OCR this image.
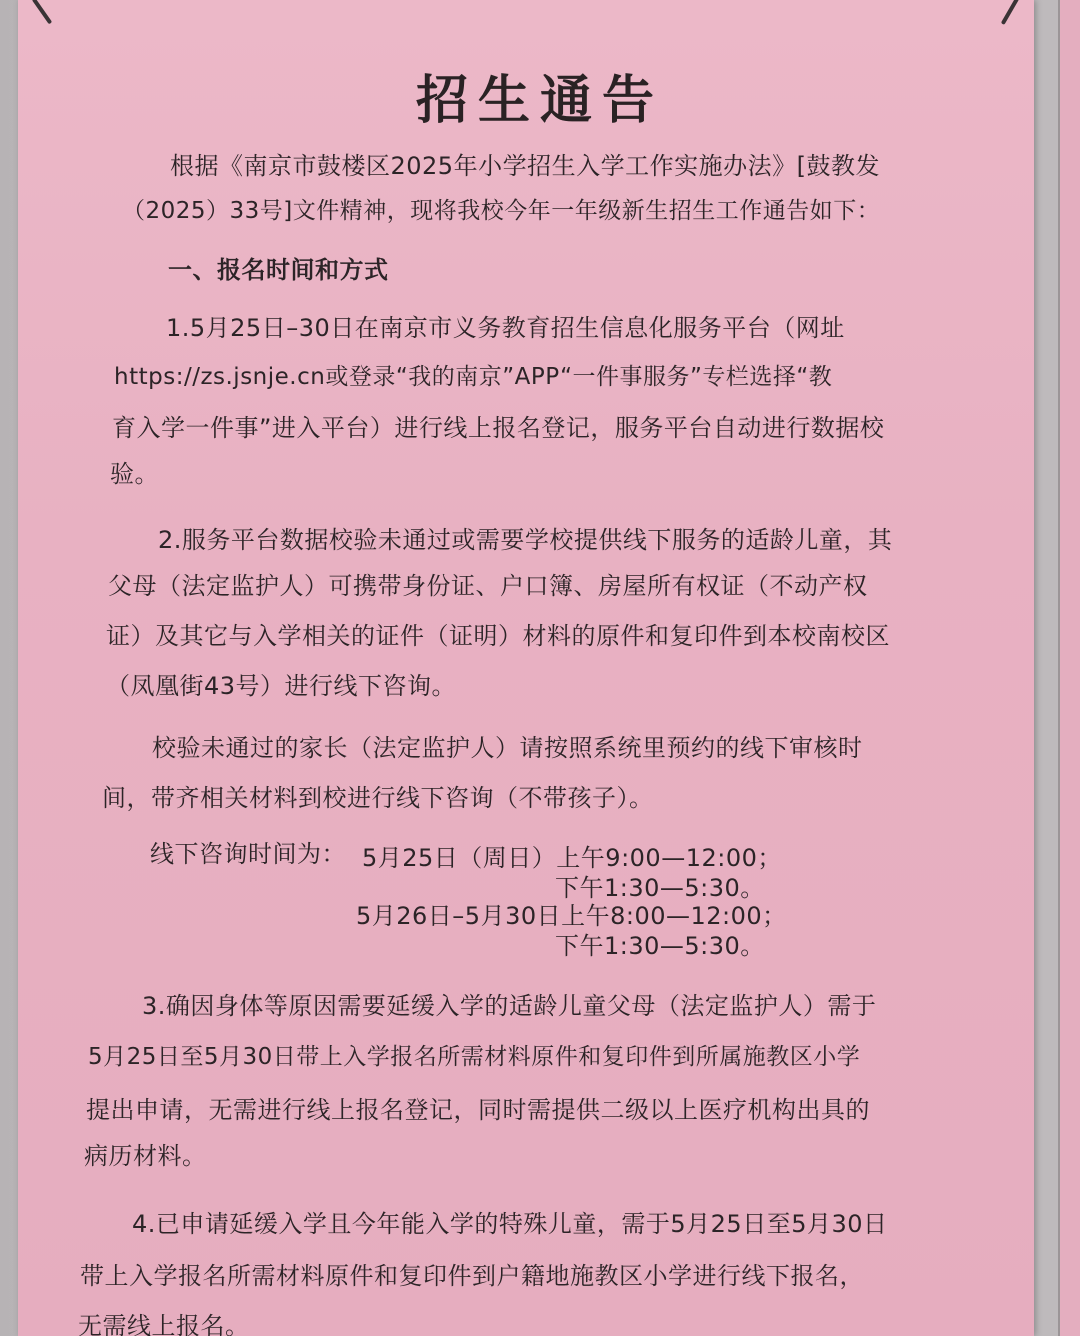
招生通告
根据《南京市鼓楼区2025年小学招生入学工作实施办法》[鼓教发
（2025）33号]文件精神，现将我校今年一年级新生招生工作通告如下：
一、报名时间和方式
1.5月25日–30日在南京市义务教育招生信息化服务平台（网址
https://zs.jsnje.cn或登录“我的南京”APP“一件事服务”专栏选择“教
育入学一件事”进入平台）进行线上报名登记，服务平台自动进行数据校
验。
2.服务平台数据校验未通过或需要学校提供线下服务的适龄儿童，其
父母（法定监护人）可携带身份证、户口簿、房屋所有权证（不动产权
证）及其它与入学相关的证件（证明）材料的原件和复印件到本校南校区
（凤凰街43号）进行线下咨询。
校验未通过的家长（法定监护人）请按照系统里预约的线下审核时
间，带齐相关材料到校进行线下咨询（不带孩子）。
线下咨询时间为： 5月25日（周日）上午9:00—12:00；
下午1:30—5:30。
5月26日–5月30日上午8:00—12:00；
下午1:30—5:30。
3.确因身体等原因需要延缓入学的适龄儿童父母（法定监护人）需于
5月25日至5月30日带上入学报名所需材料原件和复印件到所属施教区小学
提出申请，无需进行线上报名登记，同时需提供二级以上医疗机构出具的
病历材料。
4.已申请延缓入学且今年能入学的特殊儿童，需于5月25日至5月30日
带上入学报名所需材料原件和复印件到户籍地施教区小学进行线下报名，
无需线上报名。
